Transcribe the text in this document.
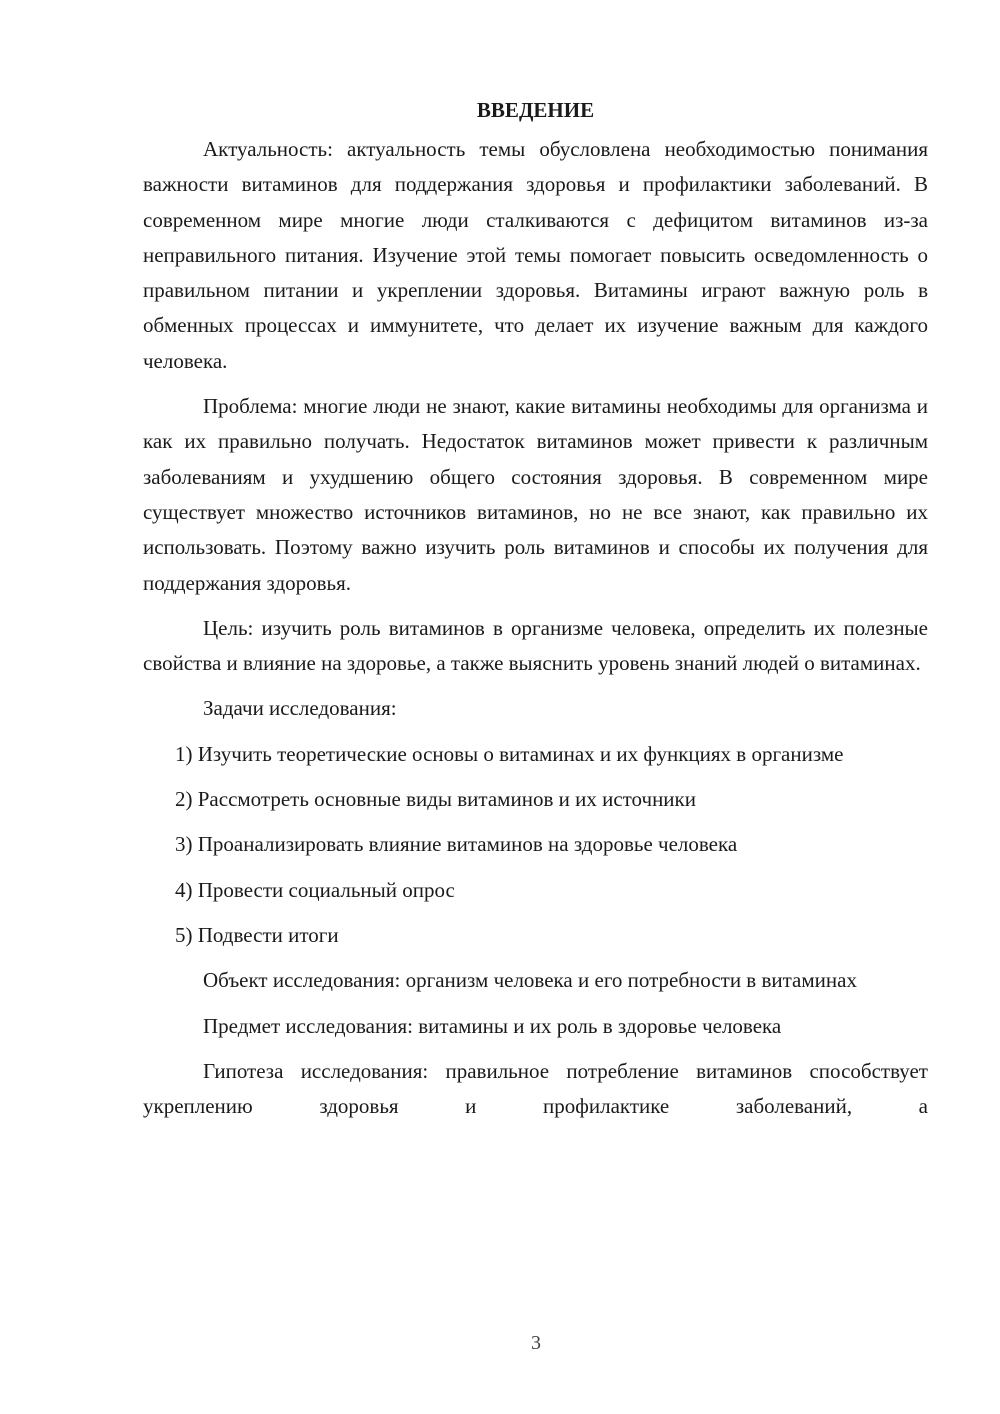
ВВЕДЕНИЕ

Актуальность: актуальность темы обусловлена необходимостью понимания важности витаминов для поддержания здоровья и профилактики заболеваний. В современном мире многие люди сталкиваются с дефицитом витаминов из-за неправильного питания. Изучение этой темы помогает повысить осведомленность о правильном питании и укреплении здоровья. Витамины играют важную роль в обменных процессах и иммунитете, что делает их изучение важным для каждого человека.

Проблема: многие люди не знают, какие витамины необходимы для организма и как их правильно получать. Недостаток витаминов может привести к различным заболеваниям и ухудшению общего состояния здоровья. В современном мире существует множество источников витаминов, но не все знают, как правильно их использовать. Поэтому важно изучить роль витаминов и способы их получения для поддержания здоровья.

Цель: изучить роль витаминов в организме человека, определить их полезные свойства и влияние на здоровье, а также выяснить уровень знаний людей о витаминах.

Задачи исследования:

1) Изучить теоретические основы о витаминах и их функциях в организме

2) Рассмотреть основные виды витаминов и их источники

3) Проанализировать влияние витаминов на здоровье человека

4) Провести социальный опрос

5) Подвести итоги

Объект исследования: организм человека и его потребности в витаминах

Предмет исследования: витамины и их роль в здоровье человека

Гипотеза исследования: правильное потребление витаминов способствует укреплению здоровья и профилактике заболеваний, а

3
